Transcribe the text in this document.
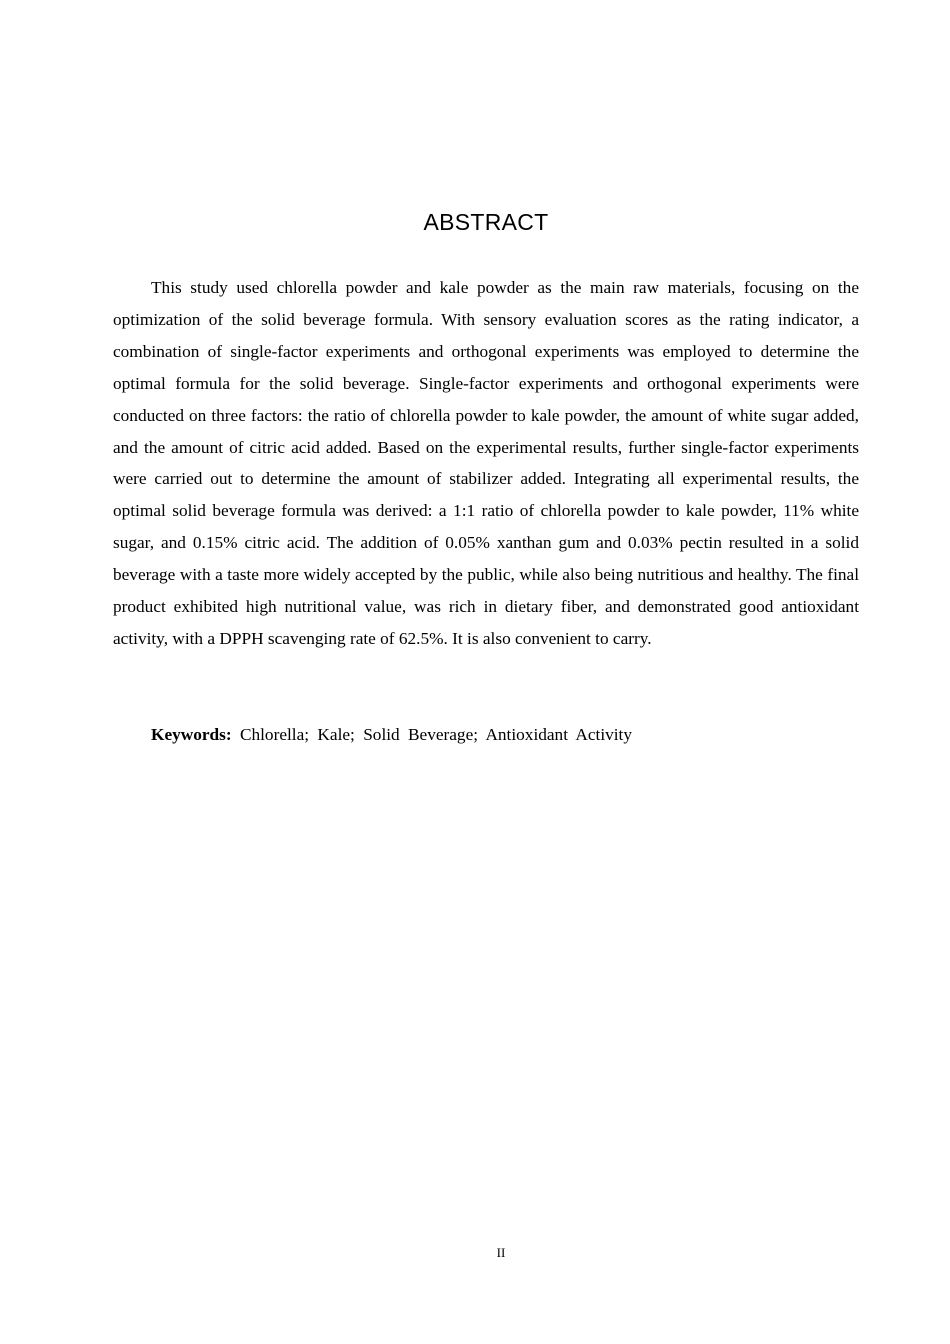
ABSTRACT

This study used chlorella powder and kale powder as the main raw materials, focusing on the optimization of the solid beverage formula. With sensory evaluation scores as the rating indicator, a combination of single-factor experiments and orthogonal experiments was employed to determine the optimal formula for the solid beverage. Single-factor experiments and orthogonal experiments were conducted on three factors: the ratio of chlorella powder to kale powder, the amount of white sugar added, and the amount of citric acid added. Based on the experimental results, further single-factor experiments were carried out to determine the amount of stabilizer added. Integrating all experimental results, the optimal solid beverage formula was derived: a 1:1 ratio of chlorella powder to kale powder, 11% white sugar, and 0.15% citric acid. The addition of 0.05% xanthan gum and 0.03% pectin resulted in a solid beverage with a taste more widely accepted by the public, while also being nutritious and healthy. The final product exhibited high nutritional value, was rich in dietary fiber, and demonstrated good antioxidant activity, with a DPPH scavenging rate of 62.5%. It is also convenient to carry.

Keywords: Chlorella; Kale; Solid Beverage; Antioxidant Activity

II
